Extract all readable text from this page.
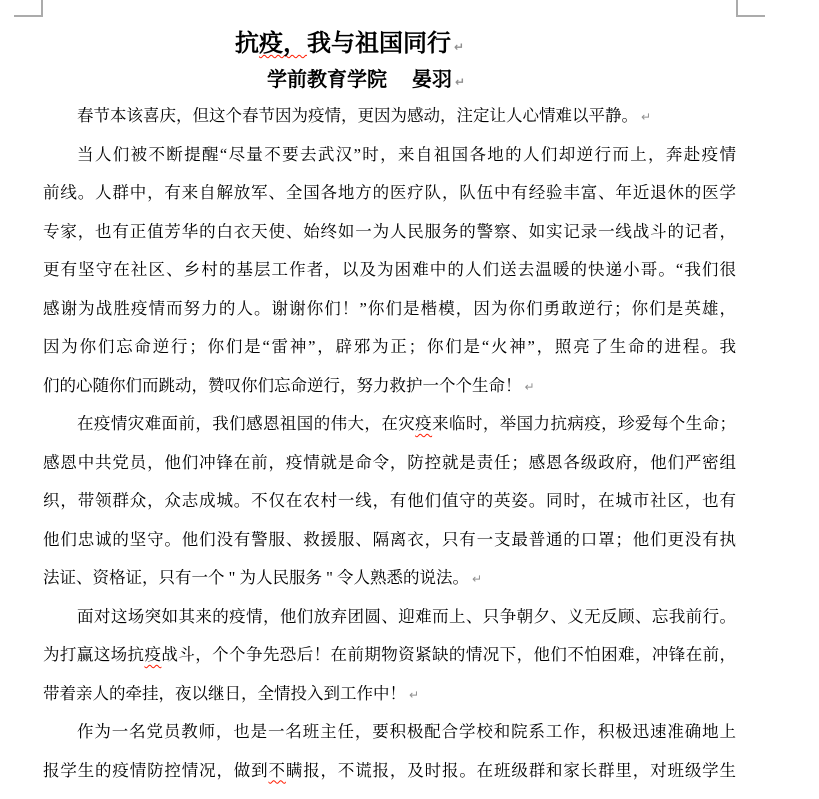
抗疫，我与祖国同行 ↵
学前教育学院　 晏羽 ↵
春节本该喜庆，但这个春节因为疫情，更因为感动，注定让人心情难以平静。 ↵
当人们被不断提醒“尽量不要去武汉”时，来自祖国各地的人们却逆行而上，奔赴疫情
前线。人群中，有来自解放军、全国各地方的医疗队，队伍中有经验丰富、年近退休的医学
专家，也有正值芳华的白衣天使、始终如一为人民服务的警察、如实记录一线战斗的记者，
更有坚守在社区、乡村的基层工作者，以及为困难中的人们送去温暖的快递小哥。“我们很
感谢为战胜疫情而努力的人。谢谢你们！”你们是楷模，因为你们勇敢逆行；你们是英雄，
因为你们忘命逆行；你们是“雷神”，辟邪为正；你们是“火神”，照亮了生命的进程。我
们的心随你们而跳动，赞叹你们忘命逆行，努力救护一个个生命！ ↵
在疫情灾难面前，我们感恩祖国的伟大，在灾疫来临时，举国力抗病疫，珍爱每个生命；
感恩中共党员，他们冲锋在前，疫情就是命令，防控就是责任；感恩各级政府，他们严密组
织，带领群众，众志成城。不仅在农村一线，有他们值守的英姿。同时，在城市社区，也有
他们忠诚的坚守。他们没有警服、救援服、隔离衣，只有一支最普通的口罩；他们更没有执
法证、资格证，只有一个 " 为人民服务 " 令人熟悉的说法。 ↵
面对这场突如其来的疫情，他们放弃团圆、迎难而上、只争朝夕、义无反顾、忘我前行。
为打赢这场抗疫战斗，个个争先恐后！在前期物资紧缺的情况下，他们不怕困难，冲锋在前，
带着亲人的牵挂，夜以继日，全情投入到工作中！ ↵
作为一名党员教师，也是一名班主任，要积极配合学校和院系工作，积极迅速准确地上
报学生的疫情防控情况，做到不瞒报，不谎报，及时报。在班级群和家长群里，对班级学生
